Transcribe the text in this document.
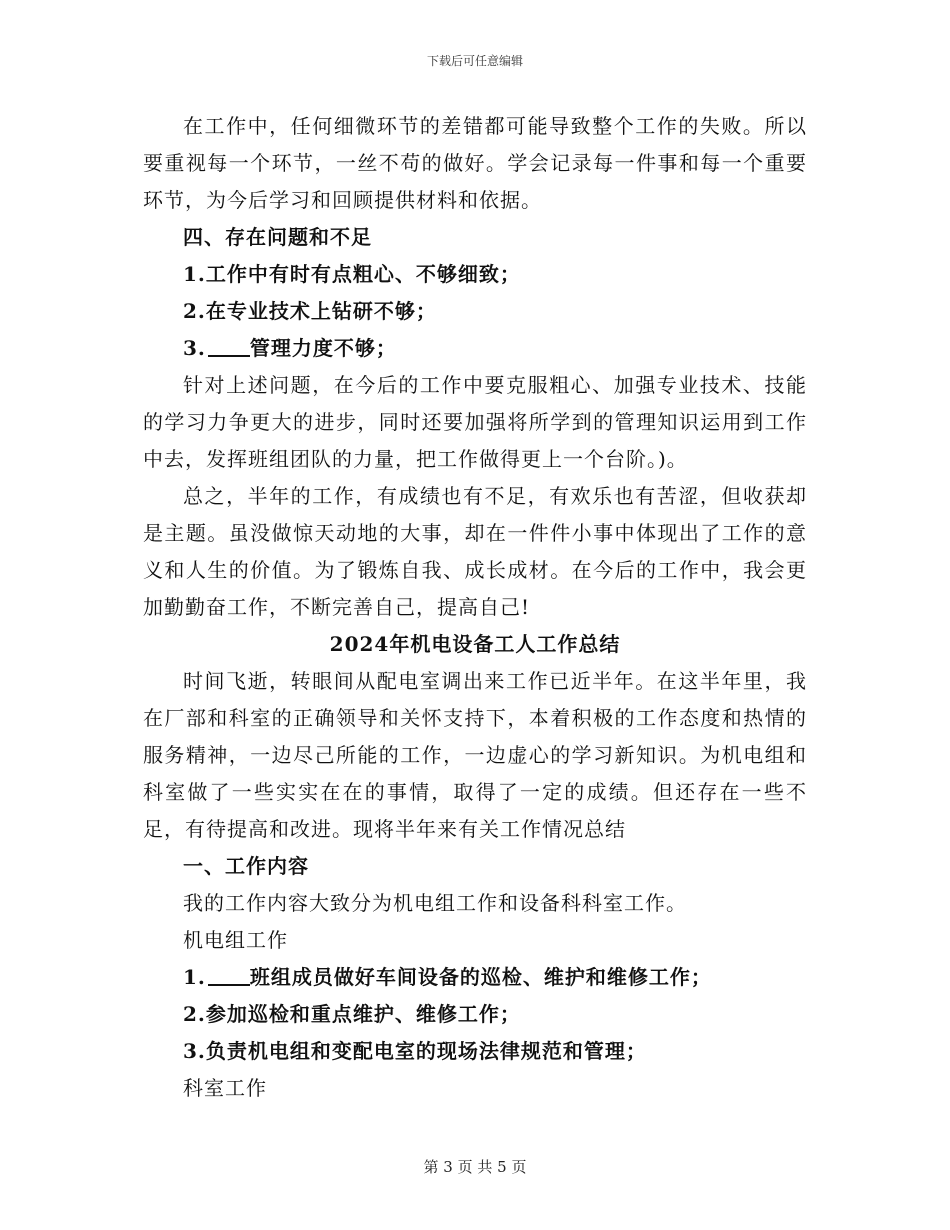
下载后可任意编辑

在工作中，任何细微环节的差错都可能导致整个工作的失败。所以要重视每一个环节，一丝不苟的做好。学会记录每一件事和每一个重要环节，为今后学习和回顾提供材料和依据。

四、存在问题和不足

1.工作中有时有点粗心、不够细致；

2.在专业技术上钻研不够；

3. 管理力度不够；

针对上述问题，在今后的工作中要克服粗心、加强专业技术、技能的学习力争更大的进步，同时还要加强将所学到的管理知识运用到工作中去，发挥班组团队的力量，把工作做得更上一个台阶。)。

总之，半年的工作，有成绩也有不足，有欢乐也有苦涩，但收获却是主题。虽没做惊天动地的大事，却在一件件小事中体现出了工作的意义和人生的价值。为了锻炼自我、成长成材。在今后的工作中，我会更加勤勤奋工作，不断完善自己，提高自己!

2024年机电设备工人工作总结

时间飞逝，转眼间从配电室调出来工作已近半年。在这半年里，我在厂部和科室的正确领导和关怀支持下，本着积极的工作态度和热情的服务精神，一边尽己所能的工作，一边虚心的学习新知识。为机电组和科室做了一些实实在在的事情，取得了一定的成绩。但还存在一些不足，有待提高和改进。现将半年来有关工作情况总结

一、工作内容

我的工作内容大致分为机电组工作和设备科科室工作。

机电组工作

1. 班组成员做好车间设备的巡检、维护和维修工作；

2.参加巡检和重点维护、维修工作；

3.负责机电组和变配电室的现场法律规范和管理；

科室工作

第 3 页 共 5 页
